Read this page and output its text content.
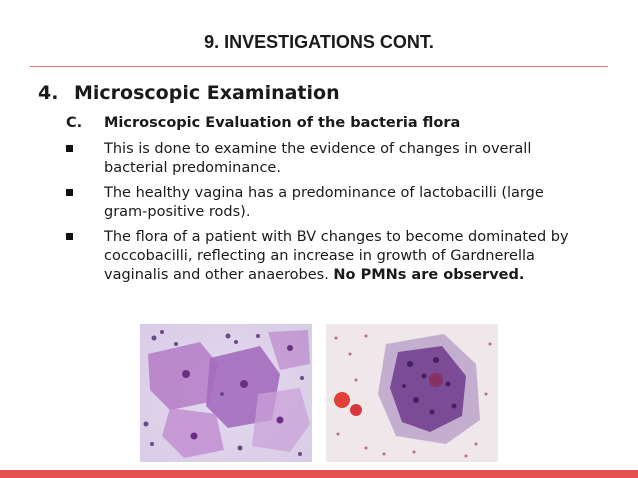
9. INVESTIGATIONS CONT.
4. Microscopic Examination
C. Microscopic Evaluation of the bacteria flora
This is done to examine the evidence of changes in overall bacterial predominance.
The healthy vagina has a predominance of lactobacilli (large gram-positive rods).
The flora of a patient with BV changes to become dominated by coccobacilli, reflecting an increase in growth of Gardnerella vaginalis and other anaerobes. No PMNs are observed.
